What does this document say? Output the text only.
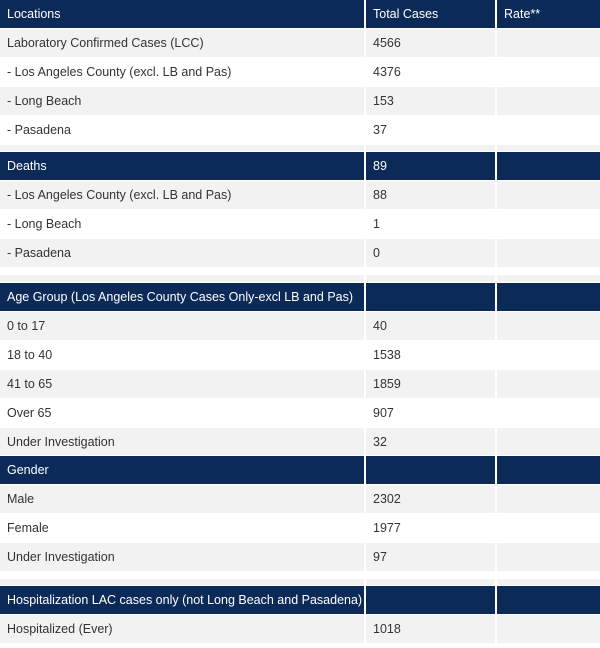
Locations	Total Cases	Rate**
Laboratory Confirmed Cases (LCC)	4566
- Los Angeles County (excl. LB and Pas)	4376
- Long Beach	153
- Pasadena	37
Deaths	89
- Los Angeles County (excl. LB and Pas)	88
- Long Beach	1
- Pasadena	0
Age Group (Los Angeles County Cases Only-excl LB and Pas)
0 to 17	40
18 to 40	1538
41 to 65	1859
Over 65	907
Under Investigation	32
Gender
Male	2302
Female	1977
Under Investigation	97
Hospitalization LAC cases only (not Long Beach and Pasadena)
Hospitalized (Ever)	1018
